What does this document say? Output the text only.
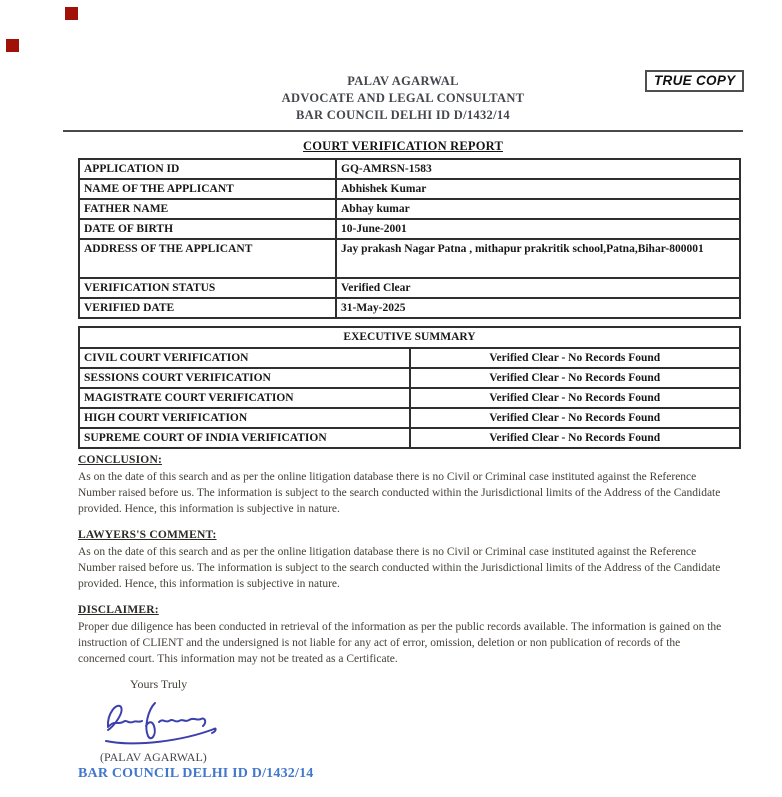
TRUE COPY
PALAV AGARWAL
ADVOCATE AND LEGAL CONSULTANT
BAR COUNCIL DELHI ID D/1432/14
COURT VERIFICATION REPORT
APPLICATION ID	GQ-AMRSN-1583
NAME OF THE APPLICANT	Abhishek Kumar
FATHER NAME	Abhay kumar
DATE OF BIRTH	10-June-2001
ADDRESS OF THE APPLICANT	Jay prakash Nagar Patna , mithapur prakritik school,Patna,Bihar-800001
VERIFICATION STATUS	Verified Clear
VERIFIED DATE	31-May-2025
EXECUTIVE SUMMARY	
CIVIL COURT VERIFICATION	Verified Clear - No Records Found
SESSIONS COURT VERIFICATION	Verified Clear - No Records Found
MAGISTRATE COURT VERIFICATION	Verified Clear - No Records Found
HIGH COURT VERIFICATION	Verified Clear - No Records Found
SUPREME COURT OF INDIA VERIFICATION	Verified Clear - No Records Found
CONCLUSION:

As on the date of this search and as per the online litigation database there is no Civil or Criminal case instituted against the Reference Number raised before us. The information is subject to the search conducted within the Jurisdictional limits of the Address of the Candidate provided. Hence, this information is subjective in nature.

LAWYERS'S COMMENT:

As on the date of this search and as per the online litigation database there is no Civil or Criminal case instituted against the Reference Number raised before us. The information is subject to the search conducted within the Jurisdictional limits of the Address of the Candidate provided. Hence, this information is subjective in nature.

DISCLAIMER:

Proper due diligence has been conducted in retrieval of the information as per the public records available. The information is gained on the instruction of CLIENT and the undersigned is not liable for any act of error, omission, deletion or non publication of records of the concerned court. This information may not be treated as a Certificate.

Yours Truly
(PALAV AGARWAL)
BAR COUNCIL DELHI ID D/1432/14
